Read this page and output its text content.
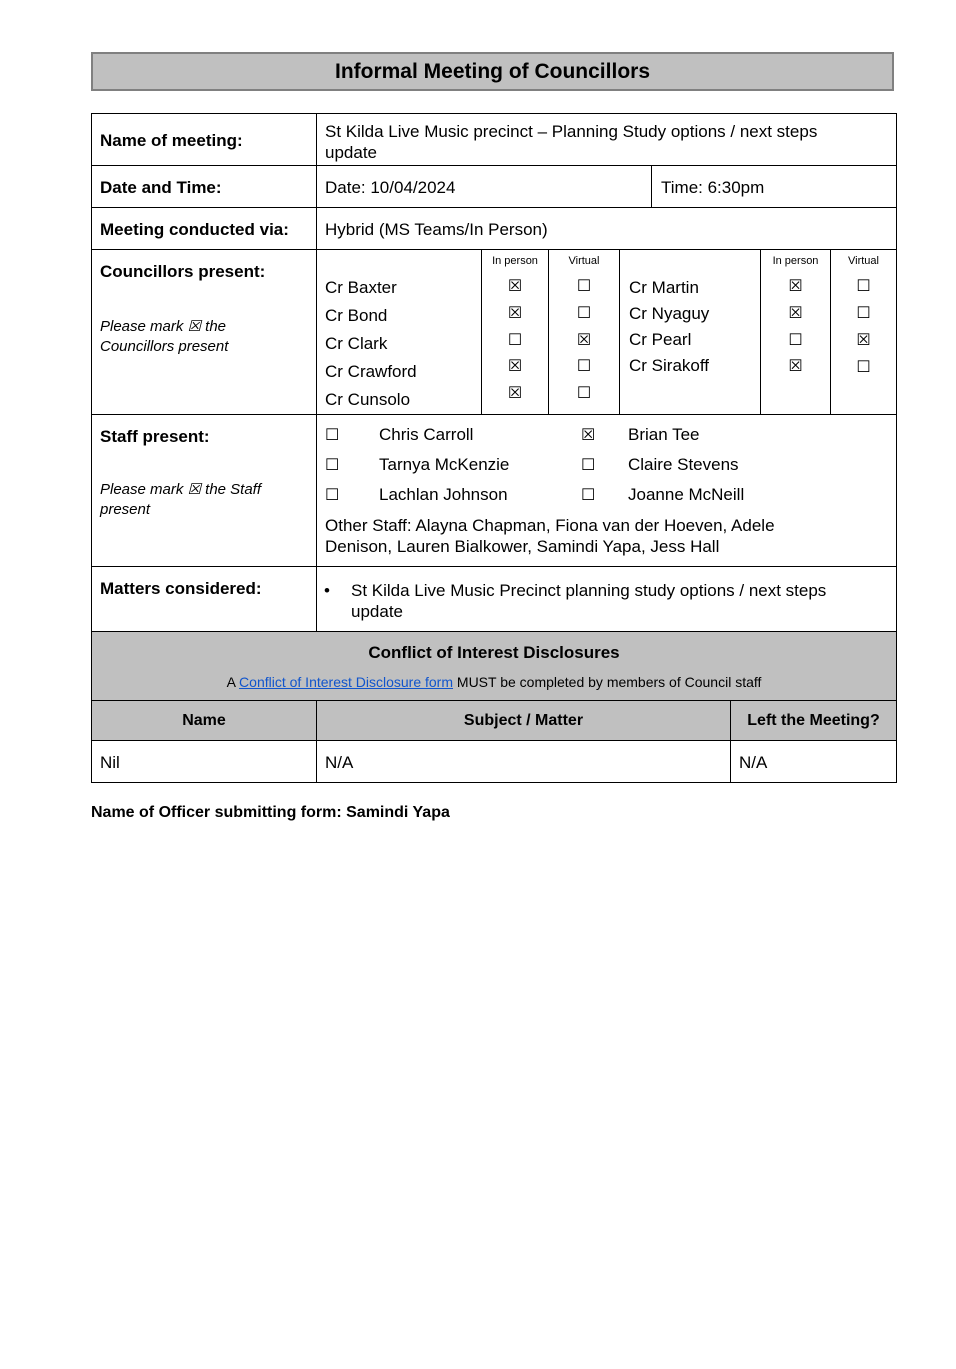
Informal Meeting of Councillors
Name of meeting:	St Kilda Live Music precinct – Planning Study options / next steps
update
Date and Time:	Date: 10/04/2024	Time: 6:30pm
Meeting conducted via: Hybrid (MS Teams/In Person)
Councillors present:
Please mark ☒ the
Councillors present
In person	Virtual	In person	Virtual
Cr Baxter	☒	☐
Cr Bond	☒	☐
Cr Clark	☐	☒
Cr Crawford	☒	☐
Cr Cunsolo	☒	☐
Cr Martin	☒	☐
Cr Nyaguy	☒	☐
Cr Pearl	☐	☒
Cr Sirakoff	☒	☐
Staff present:
Please mark ☒ the Staff
present
☐ Chris Carroll
☐ Tarnya McKenzie
☐ Lachlan Johnson
☒ Brian Tee
☐ Claire Stevens
☐ Joanne McNeill
Other Staff: Alayna Chapman, Fiona van der Hoeven, Adele
Denison, Lauren Bialkower, Samindi Yapa, Jess Hall
Matters considered:	• St Kilda Live Music Precinct planning study options / next steps
update
Conflict of Interest Disclosures
A Conflict of Interest Disclosure form MUST be completed by members of Council staff
Name	Subject / Matter	Left the Meeting?
Nil	N/A	N/A
Name of Officer submitting form: Samindi Yapa
